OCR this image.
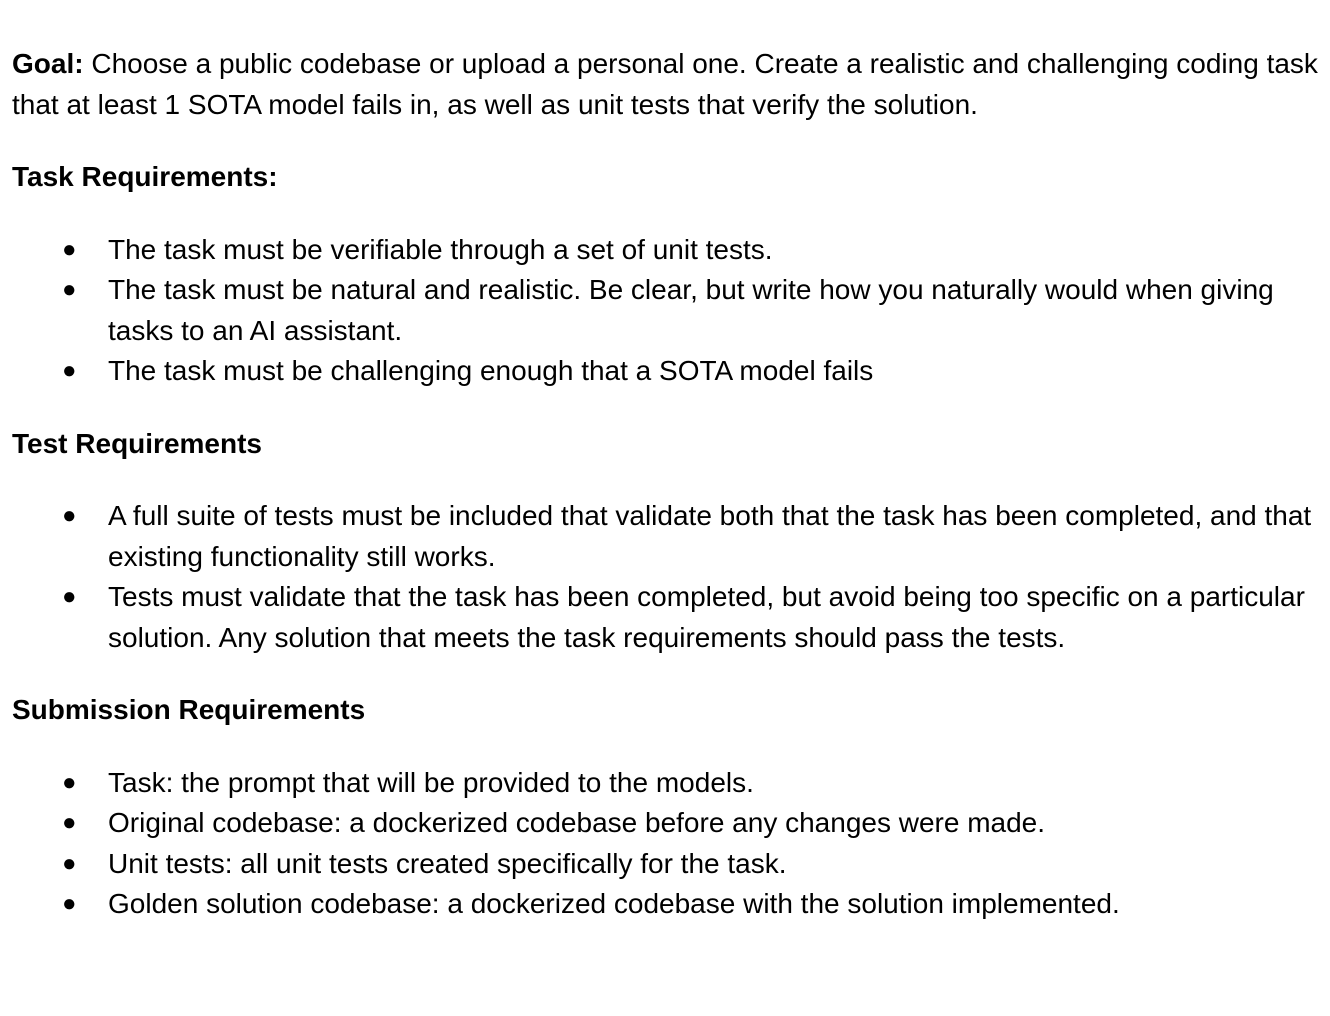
Goal: Choose a public codebase or upload a personal one. Create a realistic and challenging coding task that at least 1 SOTA model fails in, as well as unit tests that verify the solution.

Task Requirements:

● The task must be verifiable through a set of unit tests.
● The task must be natural and realistic. Be clear, but write how you naturally would when giving tasks to an AI assistant.
● The task must be challenging enough that a SOTA model fails

Test Requirements

● A full suite of tests must be included that validate both that the task has been completed, and that existing functionality still works.
● Tests must validate that the task has been completed, but avoid being too specific on a particular solution. Any solution that meets the task requirements should pass the tests.

Submission Requirements

● Task: the prompt that will be provided to the models.
● Original codebase: a dockerized codebase before any changes were made.
● Unit tests: all unit tests created specifically for the task.
● Golden solution codebase: a dockerized codebase with the solution implemented.
